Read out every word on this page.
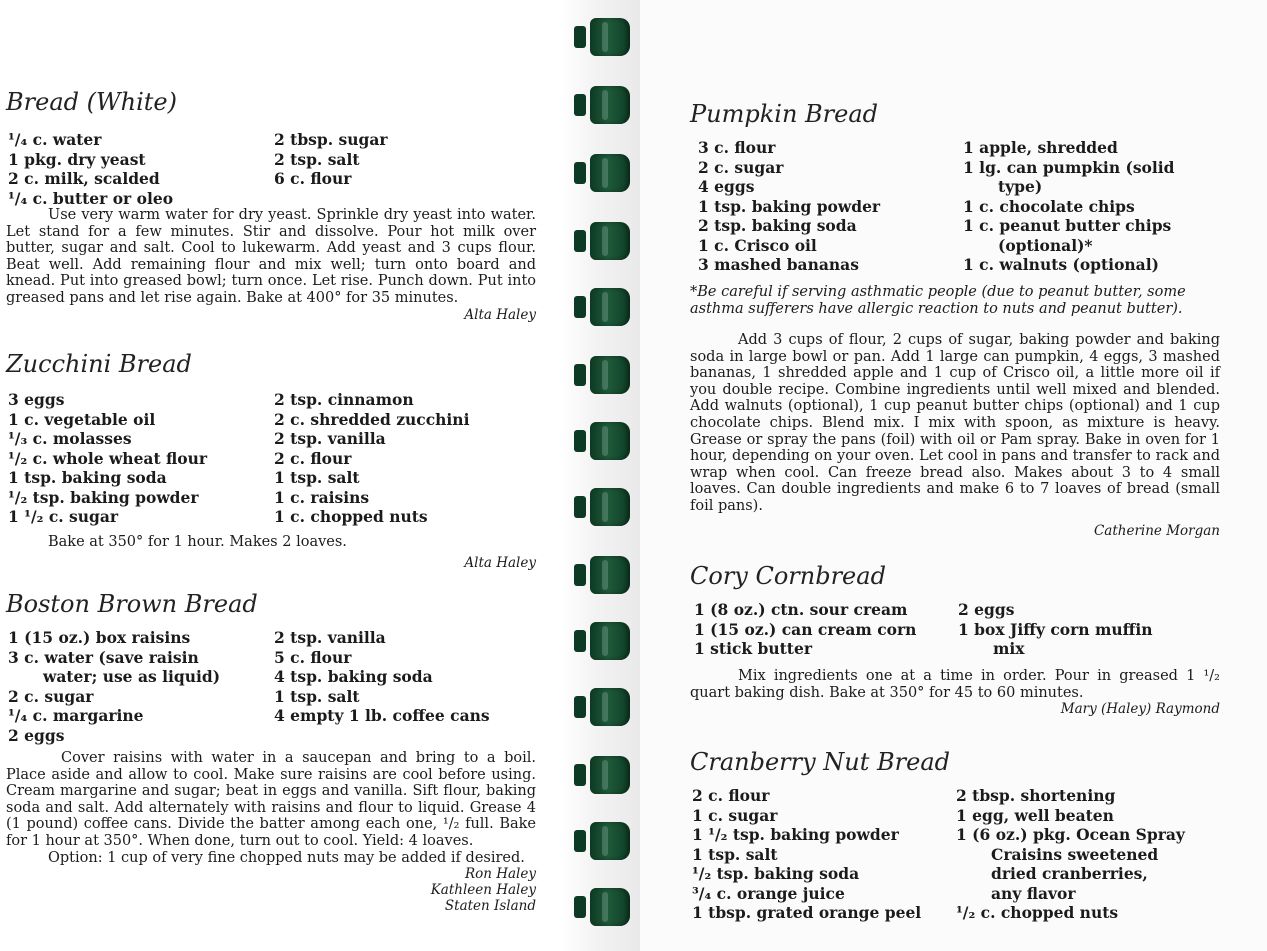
Bread (White)
¹/₄ c. water
1 pkg. dry yeast
2 c. milk, scalded
¹/₄ c. butter or oleo
2 tbsp. sugar
2 tsp. salt
6 c. flour
Use very warm water for dry yeast. Sprinkle dry yeast into water. Let stand for a few minutes. Stir and dissolve. Pour hot milk over butter, sugar and salt. Cool to lukewarm. Add yeast and 3 cups flour. Beat well. Add remaining flour and mix well; turn onto board and knead. Put into greased bowl; turn once. Let rise. Punch down. Put into greased pans and let rise again. Bake at 400° for 35 minutes.
Alta Haley
Zucchini Bread
3 eggs
1 c. vegetable oil
¹/₃ c. molasses
¹/₂ c. whole wheat flour
1 tsp. baking soda
¹/₂ tsp. baking powder
1 ¹/₂ c. sugar
2 tsp. cinnamon
2 c. shredded zucchini
2 tsp. vanilla
2 c. flour
1 tsp. salt
1 c. raisins
1 c. chopped nuts
Bake at 350° for 1 hour. Makes 2 loaves.
Alta Haley
Boston Brown Bread
1 (15 oz.) box raisins
3 c. water (save raisin
water; use as liquid)
2 c. sugar
¹/₄ c. margarine
2 eggs
2 tsp. vanilla
5 c. flour
4 tsp. baking soda
1 tsp. salt
4 empty 1 lb. coffee cans
Cover raisins with water in a saucepan and bring to a boil. Place aside and allow to cool. Make sure raisins are cool before using. Cream margarine and sugar; beat in eggs and vanilla. Sift flour, baking soda and salt. Add alternately with raisins and flour to liquid. Grease 4 (1 pound) coffee cans. Divide the batter among each one, ¹/₂ full. Bake for 1 hour at 350°. When done, turn out to cool. Yield: 4 loaves.
Option: 1 cup of very fine chopped nuts may be added if desired.
Ron Haley
Kathleen Haley
Staten Island
Pumpkin Bread
3 c. flour
2 c. sugar
4 eggs
1 tsp. baking powder
2 tsp. baking soda
1 c. Crisco oil
3 mashed bananas
1 apple, shredded
1 lg. can pumpkin (solid
type)
1 c. chocolate chips
1 c. peanut butter chips
(optional)*
1 c. walnuts (optional)
*Be careful if serving asthmatic people (due to peanut butter, some asthma sufferers have allergic reaction to nuts and peanut butter).
Add 3 cups of flour, 2 cups of sugar, baking powder and baking soda in large bowl or pan. Add 1 large can pumpkin, 4 eggs, 3 mashed bananas, 1 shredded apple and 1 cup of Crisco oil, a little more oil if you double recipe. Combine ingredients until well mixed and blended. Add walnuts (optional), 1 cup peanut butter chips (optional) and 1 cup chocolate chips. Blend mix. I mix with spoon, as mixture is heavy. Grease or spray the pans (foil) with oil or Pam spray. Bake in oven for 1 hour, depending on your oven. Let cool in pans and transfer to rack and wrap when cool. Can freeze bread also. Makes about 3 to 4 small loaves. Can double ingredients and make 6 to 7 loaves of bread (small foil pans).
Catherine Morgan
Cory Cornbread
1 (8 oz.) ctn. sour cream
1 (15 oz.) can cream corn
1 stick butter
2 eggs
1 box Jiffy corn muffin
mix
Mix ingredients one at a time in order. Pour in greased 1 ¹/₂ quart baking dish. Bake at 350° for 45 to 60 minutes.
Mary (Haley) Raymond
Cranberry Nut Bread
2 c. flour
1 c. sugar
1 ¹/₂ tsp. baking powder
1 tsp. salt
¹/₂ tsp. baking soda
³/₄ c. orange juice
1 tbsp. grated orange peel
2 tbsp. shortening
1 egg, well beaten
1 (6 oz.) pkg. Ocean Spray
Craisins sweetened
dried cranberries,
any flavor
¹/₂ c. chopped nuts
